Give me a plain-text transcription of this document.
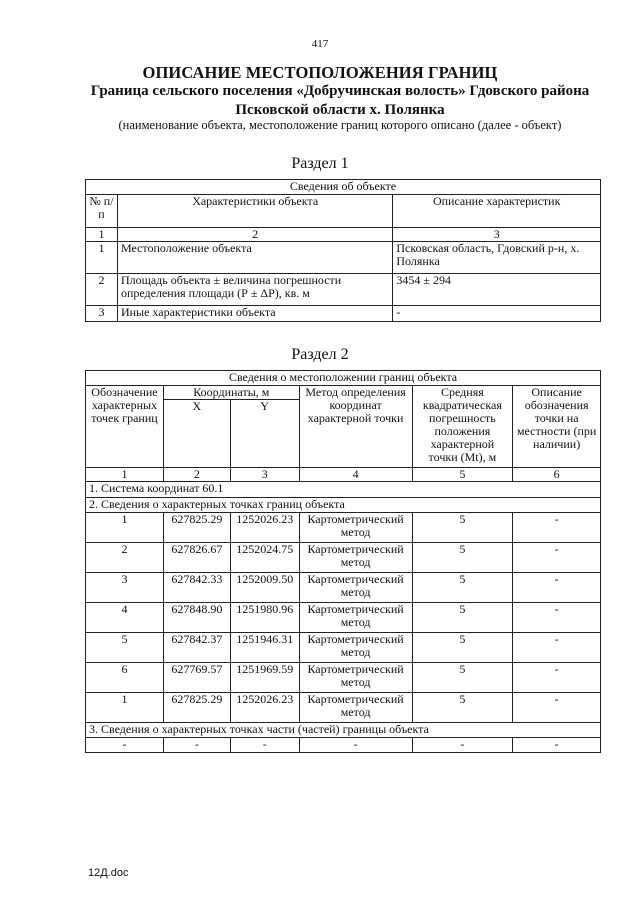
417
ОПИСАНИЕ МЕСТОПОЛОЖЕНИЯ ГРАНИЦ
Граница сельского поселения «Добручинская волость» Гдовского района
Псковской области х. Полянка
(наименование объекта, местоположение границ которого описано (далее - объект)
Раздел 1
Сведения об объекте		
№ п/п	Характеристики объекта	Описание характеристик
1	2	3
1	Местоположение объекта	Псковская область, Гдовский р-н, х. Полянка
2	Площадь объекта ± величина погрешности определения площади (Р ± ΔР), кв. м	3454 ± 294
3	Иные характеристики объекта	-
Раздел 2
Сведения о местоположении границ объекта					
Обозначение характерных точек границ	Координаты, м		Метод определения координат характерной точки	Средняя квадратическая погрешность положения характерной точки (Mt), м	Описание обозначения точки на местности (при наличии)
	X	Y			
1	2	3	4	5	6
1. Система координат 60.1					
2. Сведения о характерных точках границ объекта					
1	627825.29	1252026.23	Картометрический метод	5	-
2	627826.67	1252024.75	Картометрический метод	5	-
3	627842.33	1252009.50	Картометрический метод	5	-
4	627848.90	1251980.96	Картометрический метод	5	-
5	627842.37	1251946.31	Картометрический метод	5	-
6	627769.57	1251969.59	Картометрический метод	5	-
1	627825.29	1252026.23	Картометрический метод	5	-
3. Сведения о характерных точках части (частей) границы объекта					
-	-	-	-	-	-
12Д.doc
